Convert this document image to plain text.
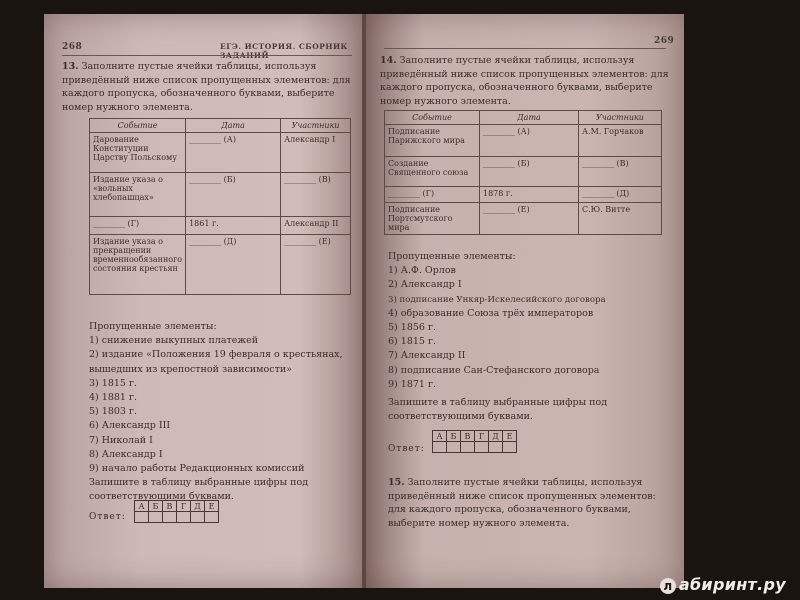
268	ЕГЭ. ИСТОРИЯ. СБОРНИК
13. Заполните пустые ячейки таблицы, используя приведённый ниже список пропущенных элементов: для каждого пропуска, обозначенного буквами, выберите номер нужного элемента.
Событие	Дата	Участники
Дарование Конституции Царству Польскому	________ (А)	Александр I
Издание указа о «вольных хлебопашцах»	________ (Б)	________ (В)
________ (Г)	1861 г.	Александр II
Издание указа о прекращении временнообязанного состояния крестьян	________ (Д)	________ (Е)
Пропущенные элементы:
1) снижение выкупных платежей
2) издание «Положения 19 февраля о крестьянах, вышедших из крепостной зависимости»
3) 1815 г.
4) 1881 г.
5) 1803 г.
6) Александр III
7) Николай I
8) Александр I
9) начало работы Редакционных комиссий
Запишите в таблицу выбранные цифры под соответствующими буквами.
Ответ:
А	Б	В	Г	Д	Е

269
14. Заполните пустые ячейки таблицы, используя приведённый ниже список пропущенных элементов: для каждого пропуска, обозначенного буквами, выберите номер нужного элемента.
Событие	Дата	Участники
Подписание Парижского мира	________ (А)	А.М. Горчаков
Создание Священного союза	________ (Б)	________ (В)
________ (Г)	1878 г.	________ (Д)
Подписание Портсмутского мира	________ (Е)	С.Ю. Витте
Пропущенные элементы:
1) А.Ф. Орлов
2) Александр I
3) подписание Ункяр-Искелесийского договора
4) образование Союза трёх императоров
5) 1856 г.
6) 1815 г.
7) Александр II
8) подписание Сан-Стефанского договора
9) 1871 г.
Запишите в таблицу выбранные цифры под соответствующими буквами.
Ответ:
А	Б	В	Г	Д	Е

15. Заполните пустые ячейки таблицы, используя приведённый ниже список пропущенных элементов: для каждого пропуска, обозначенного буквами, выберите номер нужного элемента.
л абиринт.ру
